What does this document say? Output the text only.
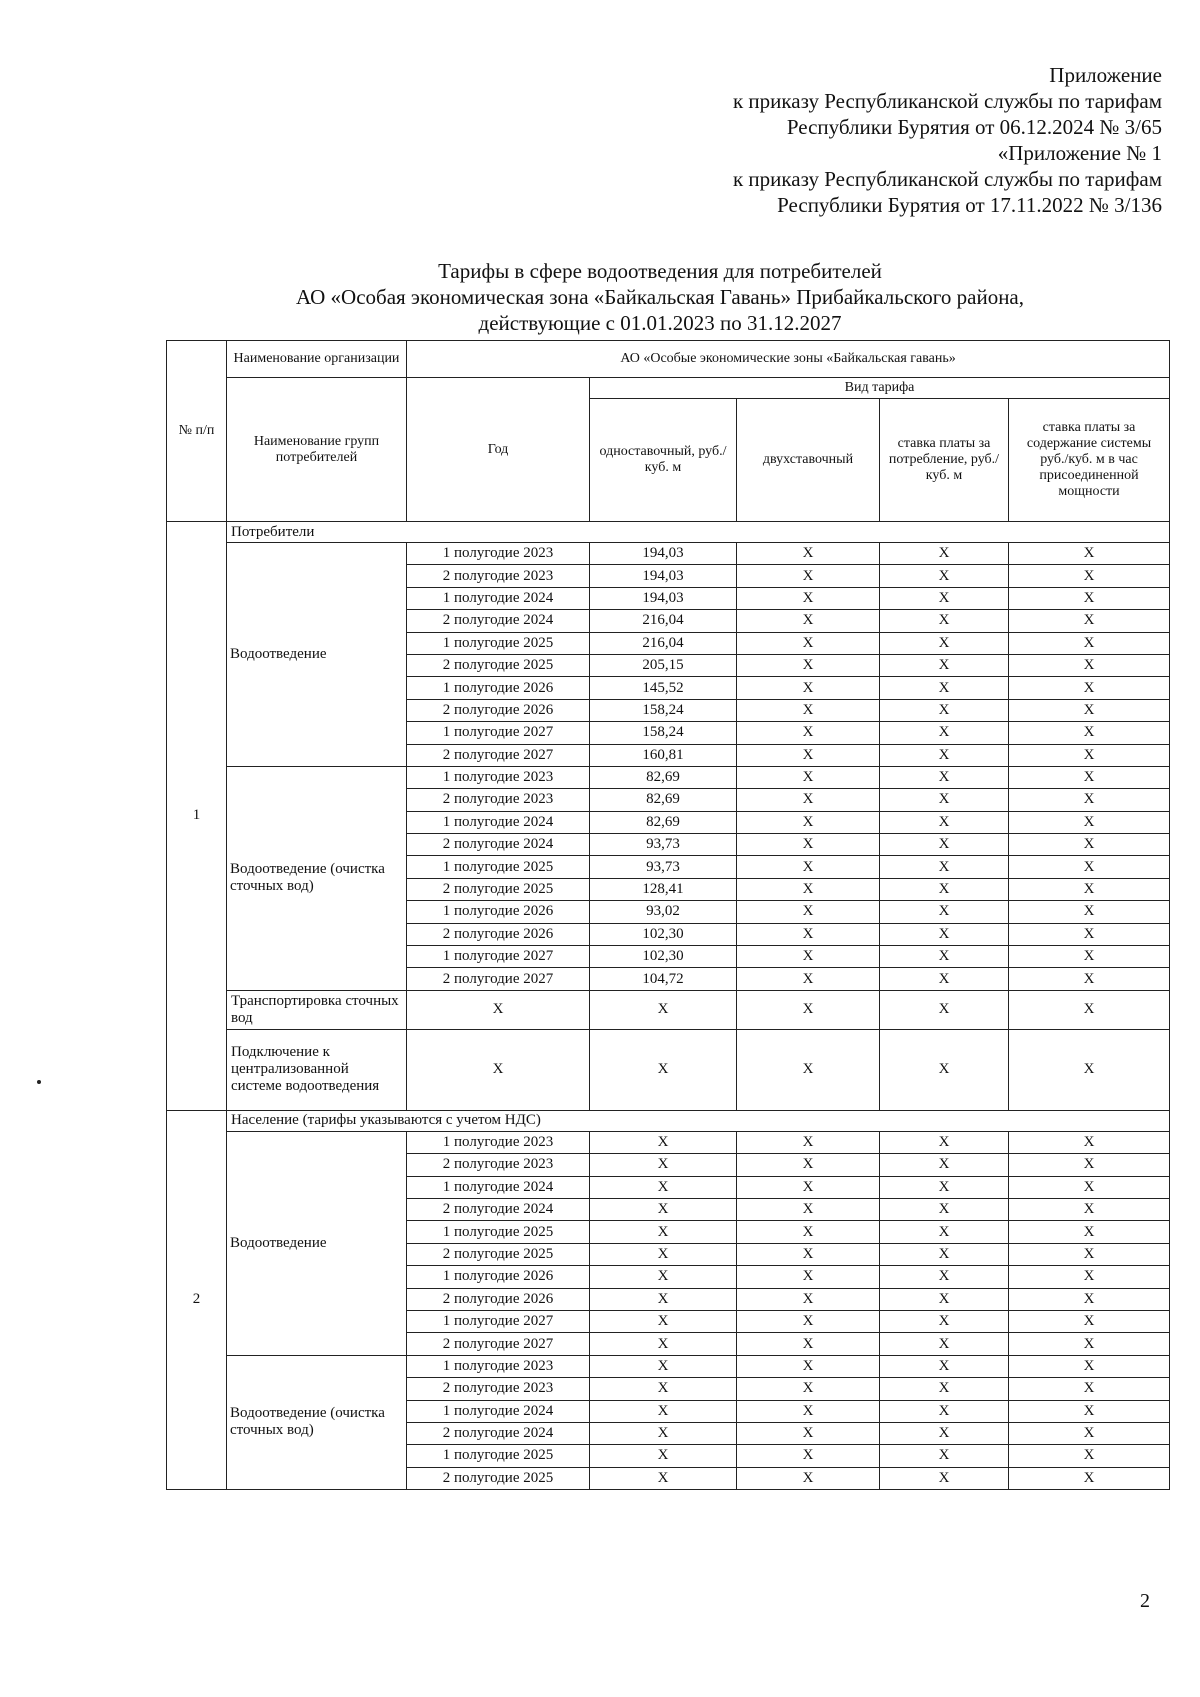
Приложение
к приказу Республиканской службы по тарифам
Республики Бурятия от 06.12.2024 № 3/65
«Приложение № 1
к приказу Республиканской службы по тарифам
Республики Бурятия от 17.11.2022 № 3/136
Тарифы в сфере водоотведения для потребителей
АО «Особая экономическая зона «Байкальская Гавань» Прибайкальского района,
действующие с 01.01.2023 по 31.12.2027
№ п/п	Наименование организации	АО «Особые экономические зоны «Байкальская гавань»				
	Наименование групп потребителей	Год	Вид тарифа			
			одноставочный, руб./ куб. м	двухставочный	ставка платы за потребление, руб./ куб. м	ставка платы за содержание системы руб./куб. м в час присоединенной мощности
1	Потребители					
	Водоотведение	1 полугодие 2023	194,03	Х	Х	Х
		2 полугодие 2023	194,03	Х	Х	Х
		1 полугодие 2024	194,03	Х	Х	Х
		2 полугодие 2024	216,04	Х	Х	Х
		1 полугодие 2025	216,04	Х	Х	Х
		2 полугодие 2025	205,15	Х	Х	Х
		1 полугодие 2026	145,52	Х	Х	Х
		2 полугодие 2026	158,24	Х	Х	Х
		1 полугодие 2027	158,24	Х	Х	Х
		2 полугодие 2027	160,81	Х	Х	Х
	Водоотведение (очистка сточных вод)	1 полугодие 2023	82,69	Х	Х	Х
		2 полугодие 2023	82,69	Х	Х	Х
		1 полугодие 2024	82,69	Х	Х	Х
		2 полугодие 2024	93,73	Х	Х	Х
		1 полугодие 2025	93,73	Х	Х	Х
		2 полугодие 2025	128,41	Х	Х	Х
		1 полугодие 2026	93,02	Х	Х	Х
		2 полугодие 2026	102,30	Х	Х	Х
		1 полугодие 2027	102,30	Х	Х	Х
		2 полугодие 2027	104,72	Х	Х	Х
	Транспортировка сточных вод	Х	Х	Х	Х	Х
	Подключение к централизованной системе водоотведения	Х	Х	Х	Х	Х
2	Население (тарифы указываются с учетом НДС)					
	Водоотведение	1 полугодие 2023	Х	Х	Х	Х
		2 полугодие 2023	Х	Х	Х	Х
		1 полугодие 2024	Х	Х	Х	Х
		2 полугодие 2024	Х	Х	Х	Х
		1 полугодие 2025	Х	Х	Х	Х
		2 полугодие 2025	Х	Х	Х	Х
		1 полугодие 2026	Х	Х	Х	Х
		2 полугодие 2026	Х	Х	Х	Х
		1 полугодие 2027	Х	Х	Х	Х
		2 полугодие 2027	Х	Х	Х	Х
	Водоотведение (очистка сточных вод)	1 полугодие 2023	Х	Х	Х	Х
		2 полугодие 2023	Х	Х	Х	Х
		1 полугодие 2024	Х	Х	Х	Х
		2 полугодие 2024	Х	Х	Х	Х
		1 полугодие 2025	Х	Х	Х	Х
		2 полугодие 2025	Х	Х	Х	Х
2
